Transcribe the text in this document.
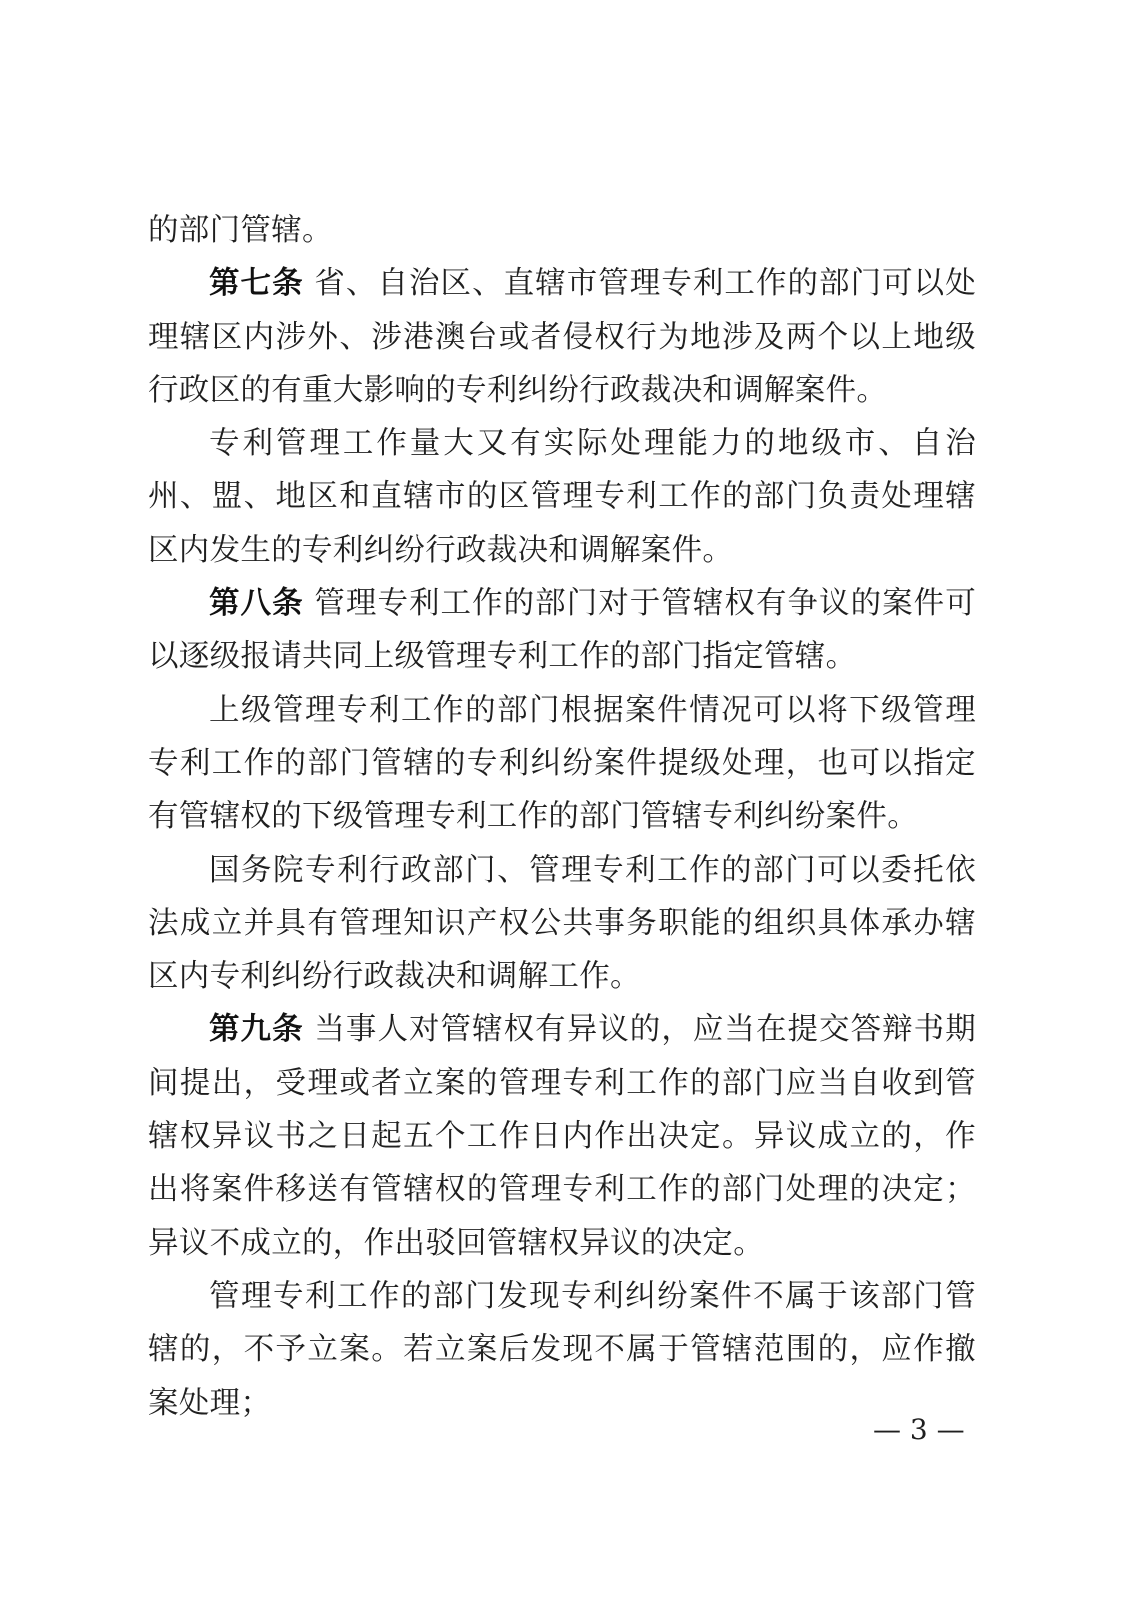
的部门管辖。

第七条 省、自治区、直辖市管理专利工作的部门可以处理辖区内涉外、涉港澳台或者侵权行为地涉及两个以上地级行政区的有重大影响的专利纠纷行政裁决和调解案件。

专利管理工作量大又有实际处理能力的地级市、自治州、盟、地区和直辖市的区管理专利工作的部门负责处理辖区内发生的专利纠纷行政裁决和调解案件。

第八条 管理专利工作的部门对于管辖权有争议的案件可以逐级报请共同上级管理专利工作的部门指定管辖。

上级管理专利工作的部门根据案件情况可以将下级管理专利工作的部门管辖的专利纠纷案件提级处理，也可以指定有管辖权的下级管理专利工作的部门管辖专利纠纷案件。

国务院专利行政部门、管理专利工作的部门可以委托依法成立并具有管理知识产权公共事务职能的组织具体承办辖区内专利纠纷行政裁决和调解工作。

第九条 当事人对管辖权有异议的，应当在提交答辩书期间提出，受理或者立案的管理专利工作的部门应当自收到管辖权异议书之日起五个工作日内作出决定。异议成立的，作出将案件移送有管辖权的管理专利工作的部门处理的决定；异议不成立的，作出驳回管辖权异议的决定。

管理专利工作的部门发现专利纠纷案件不属于该部门管辖的，不予立案。若立案后发现不属于管辖范围的，应作撤案处理；

— 3 —
